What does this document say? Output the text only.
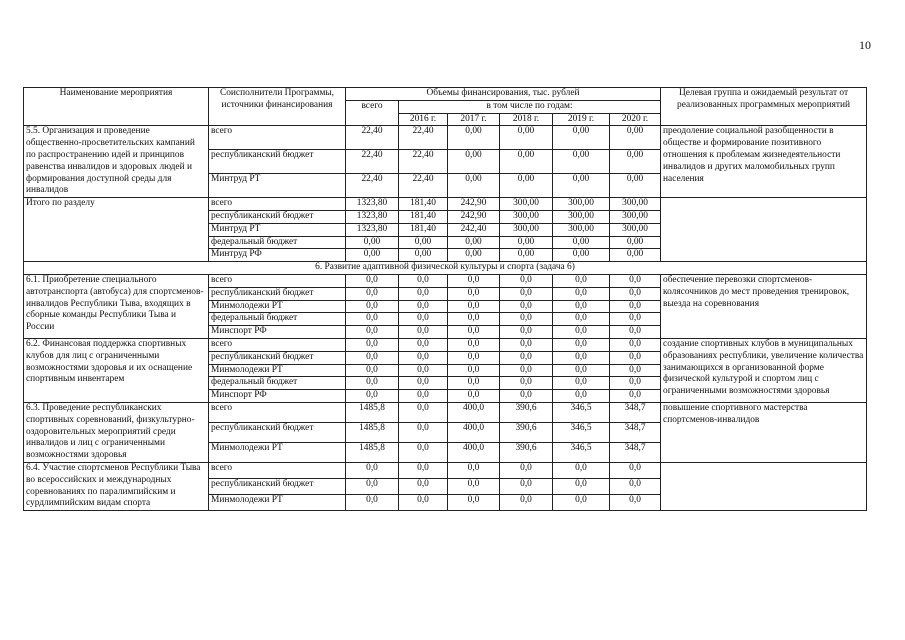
10
Наименование мероприятия	Соисполнители Программы, источники финансирования	Объемы финансирования, тыс. рублей						Целевая группа и ожидаемый результат от реализованных программных мероприятий
		всего	в том числе по годам:					
			2016 г.	2017 г.	2018 г.	2019 г.	2020 г.	
5.5. Организация и проведение общественно-просветительских кампаний по распространению идей и принципов равенства инвалидов и здоровых людей и формирования доступной среды для инвалидов	всего	22,40	22,40	0,00	0,00	0,00	0,00	преодоление социальной разобщенности в обществе и формирование позитивного отношения к проблемам жизнедеятельности инвалидов и других маломобильных групп населения
	республиканский бюджет	22,40	22,40	0,00	0,00	0,00	0,00	
	Минтруд РТ	22,40	22,40	0,00	0,00	0,00	0,00	
Итого по разделу	всего	1323,80	181,40	242,90	300,00	300,00	300,00	
	республиканский бюджет	1323,80	181,40	242,90	300,00	300,00	300,00	
	Минтруд РТ	1323,80	181,40	242,40	300,00	300,00	300,00	
	федеральный бюджет	0,00	0,00	0,00	0,00	0,00	0,00	
	Минтруд РФ	0,00	0,00	0,00	0,00	0,00	0,00	
6. Развитие адаптивной физической культуры и спорта (задача 6)								
6.1. Приобретение специального автотранспорта (автобуса) для спортсменов-инвалидов Республики Тыва, входящих в сборные команды Республики Тыва и России	всего	0,0	0,0	0,0	0,0	0,0	0,0	обеспечение перевозки спортсменов-колясочников до мест проведения тренировок, выезда на соревнования
	республиканский бюджет	0,0	0,0	0,0	0,0	0,0	0,0	
	Минмолодежи РТ	0,0	0,0	0,0	0,0	0,0	0,0	
	федеральный бюджет	0,0	0,0	0,0	0,0	0,0	0,0	
	Минспорт РФ	0,0	0,0	0,0	0,0	0,0	0,0	
6.2. Финансовая поддержка спортивных клубов для лиц с ограниченными возможностями здоровья и их оснащение спортивным инвентарем	всего	0,0	0,0	0,0	0,0	0,0	0,0	создание спортивных клубов в муниципальных образованиях республики, увеличение количества занимающихся в организованной форме физической культурой и спортом лиц с ограниченными возможностями здоровья
	республиканский бюджет	0,0	0,0	0,0	0,0	0,0	0,0	
	Минмолодежи РТ	0,0	0,0	0,0	0,0	0,0	0,0	
	федеральный бюджет	0,0	0,0	0,0	0,0	0,0	0,0	
	Минспорт РФ	0,0	0,0	0,0	0,0	0,0	0,0	
6.3. Проведение республиканских спортивных соревнований, физкультурно-оздоровительных мероприятий среди инвалидов и лиц с ограниченными возможностями здоровья	всего	1485,8	0,0	400,0	390,6	346,5	348,7	повышение спортивного мастерства спортсменов-инвалидов
	республиканский бюджет	1485,8	0,0	400,0	390,6	346,5	348,7	
	Минмолодежи РТ	1485,8	0,0	400,0	390,6	346,5	348,7	
6.4. Участие спортсменов Республики Тыва во всероссийских и международных соревнованиях по паралимпийским и сурдлимпийским видам спорта	всего	0,0	0,0	0,0	0,0	0,0	0,0	
	республиканский бюджет	0,0	0,0	0,0	0,0	0,0	0,0	
	Минмолодежи РТ	0,0	0,0	0,0	0,0	0,0	0,0	
